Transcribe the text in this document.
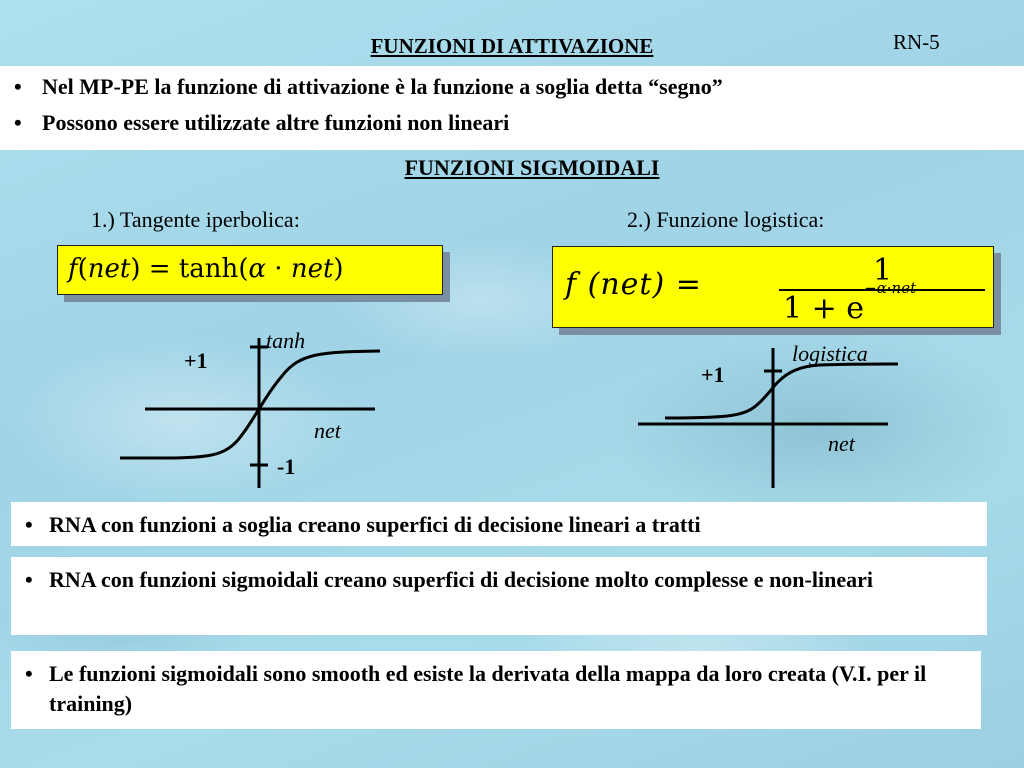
FUNZIONI DI ATTIVAZIONE	RN-5
• Nel MP-PE la funzione di attivazione è la funzione a soglia detta “segno”
• Possono essere utilizzate altre funzioni non lineari
FUNZIONI SIGMOIDALI
1.) Tangente iperbolica:	2.) Funzione logistica:
f(net) = tanh(α · net)	f (net) =	1
$1 + e^{-\alpha\cdot net}$
tanh
+1
net
-1
logistica
+1
net
• RNA con funzioni a soglia creano superfici di decisione lineari a tratti
• RNA con funzioni sigmoidali creano superfici di decisione molto complesse e non-lineari
• Le funzioni sigmoidali sono smooth ed esiste la derivata della mappa da loro creata (V.I. per il training)
